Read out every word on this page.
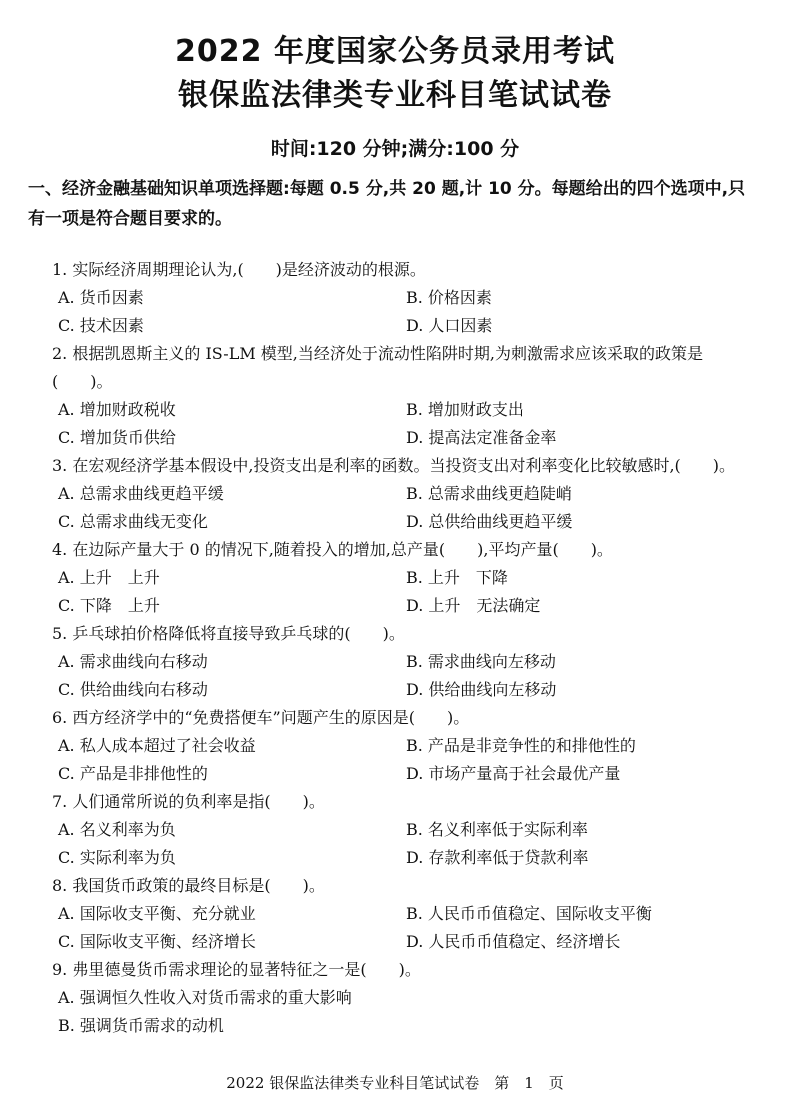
2022 年度国家公务员录用考试
银保监法律类专业科目笔试试卷
时间:120 分钟;满分:100 分
一、经济金融基础知识单项选择题:每题 0.5 分,共 20 题,计 10 分。每题给出的四个选项中,只有一项是符合题目要求的。

1. 实际经济周期理论认为,(　　)是经济波动的根源。

A. 货币因素	B. 价格因素
C. 技术因素	D. 人口因素

2. 根据凯恩斯主义的 IS-LM 模型,当经济处于流动性陷阱时期,为刺激需求应该采取的政策是(　　)。

A. 增加财政税收	B. 增加财政支出
C. 增加货币供给	D. 提高法定准备金率

3. 在宏观经济学基本假设中,投资支出是利率的函数。当投资支出对利率变化比较敏感时,(　　)。

A. 总需求曲线更趋平缓	B. 总需求曲线更趋陡峭
C. 总需求曲线无变化	D. 总供给曲线更趋平缓

4. 在边际产量大于 0 的情况下,随着投入的增加,总产量(　　),平均产量(　　)。

A. 上升　上升	B. 上升　下降
C. 下降　上升	D. 上升　无法确定

5. 乒乓球拍价格降低将直接导致乒乓球的(　　)。

A. 需求曲线向右移动	B. 需求曲线向左移动
C. 供给曲线向右移动	D. 供给曲线向左移动

6. 西方经济学中的“免费搭便车”问题产生的原因是(　　)。

A. 私人成本超过了社会收益	B. 产品是非竞争性的和排他性的
C. 产品是非排他性的	D. 市场产量高于社会最优产量

7. 人们通常所说的负利率是指(　　)。

A. 名义利率为负	B. 名义利率低于实际利率
C. 实际利率为负	D. 存款利率低于贷款利率

8. 我国货币政策的最终目标是(　　)。

A. 国际收支平衡、充分就业	B. 人民币币值稳定、国际收支平衡
C. 国际收支平衡、经济增长	D. 人民币币值稳定、经济增长

9. 弗里德曼货币需求理论的显著特征之一是(　　)。

A. 强调恒久性收入对货币需求的重大影响
B. 强调货币需求的动机
2022 银保监法律类专业科目笔试试卷　第　1　页
